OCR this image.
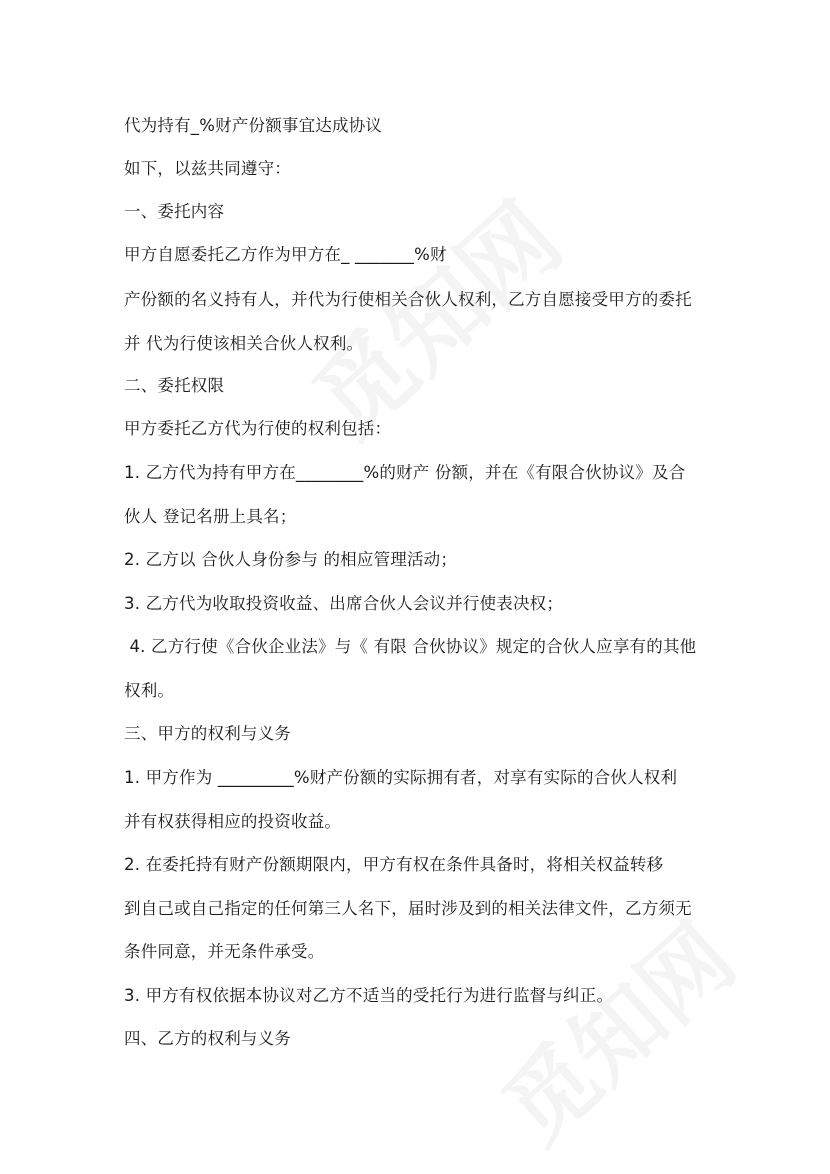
代为持有_%财产份额事宜达成协议
如下，以兹共同遵守：
一、委托内容
甲方自愿委托乙方作为甲方在_ _______%财
产份额的名义持有人，并代为行使相关合伙人权利，乙方自愿接受甲方的委托
并 代为行使该相关合伙人权利。
二、委托权限
甲方委托乙方代为行使的权利包括：
1. 乙方代为持有甲方在________%的财产 份额，并在《有限合伙协议》及合
伙人 登记名册上具名；
2. 乙方以 合伙人身份参与 的相应管理活动；
3. 乙方代为收取投资收益、出席合伙人会议并行使表决权；
4. 乙方行使《合伙企业法》与《 有限 合伙协议》规定的合伙人应享有的其他
权利。
三、甲方的权利与义务
1. 甲方作为 _________%财产份额的实际拥有者，对享有实际的合伙人权利
并有权获得相应的投资收益。
2. 在委托持有财产份额期限内，甲方有权在条件具备时，将相关权益转移
到自己或自己指定的任何第三人名下，届时涉及到的相关法律文件，乙方须无
条件同意，并无条件承受。
3. 甲方有权依据本协议对乙方不适当的受托行为进行监督与纠正。
四、乙方的权利与义务
